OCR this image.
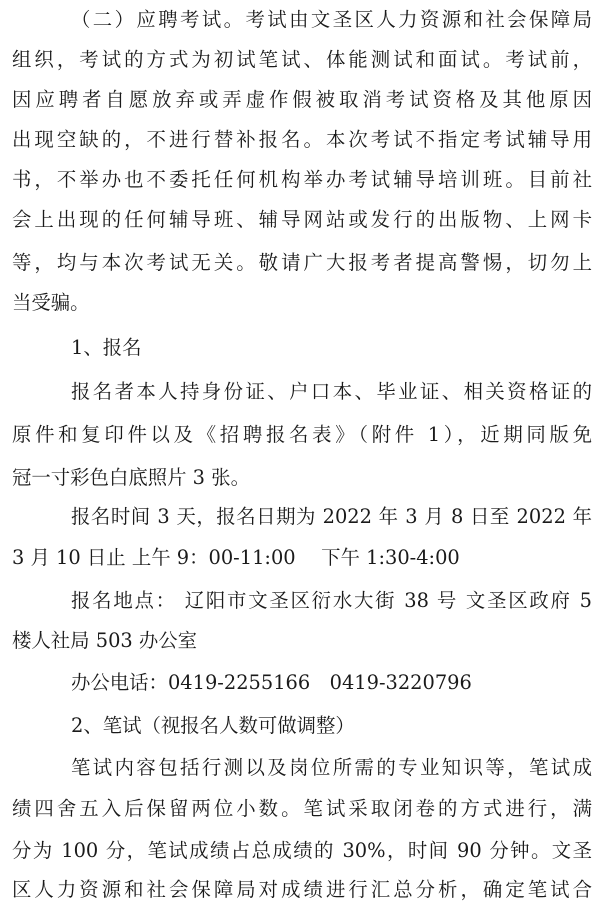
（二）应聘考试。考试由文圣区人力资源和社会保障局
组织，考试的方式为初试笔试、体能测试和面试。考试前，
因应聘者自愿放弃或弄虚作假被取消考试资格及其他原因
出现空缺的，不进行替补报名。本次考试不指定考试辅导用
书，不举办也不委托任何机构举办考试辅导培训班。目前社
会上出现的任何辅导班、辅导网站或发行的出版物、上网卡
等，均与本次考试无关。敬请广大报考者提高警惕，切勿上
当受骗。
1、报名
报名者本人持身份证、户口本、毕业证、相关资格证的
原件和复印件以及《招聘报名表》（附件 1），近期同版免
冠一寸彩色白底照片 3 张。
报名时间 3 天，报名日期为 2022 年 3 月 8 日至 2022 年
3 月 10 日止 上午 9：00-11:00　 下午 1:30-4:00
报名地点： 辽阳市文圣区衍水大街 38 号 文圣区政府 5
楼人社局 503 办公室
办公电话：0419-2255166　0419-3220796
2、笔试（视报名人数可做调整）
笔试内容包括行测以及岗位所需的专业知识等，笔试成
绩四舍五入后保留两位小数。笔试采取闭卷的方式进行，满
分为 100 分，笔试成绩占总成绩的 30%，时间 90 分钟。文圣
区人力资源和社会保障局对成绩进行汇总分析，确定笔试合
